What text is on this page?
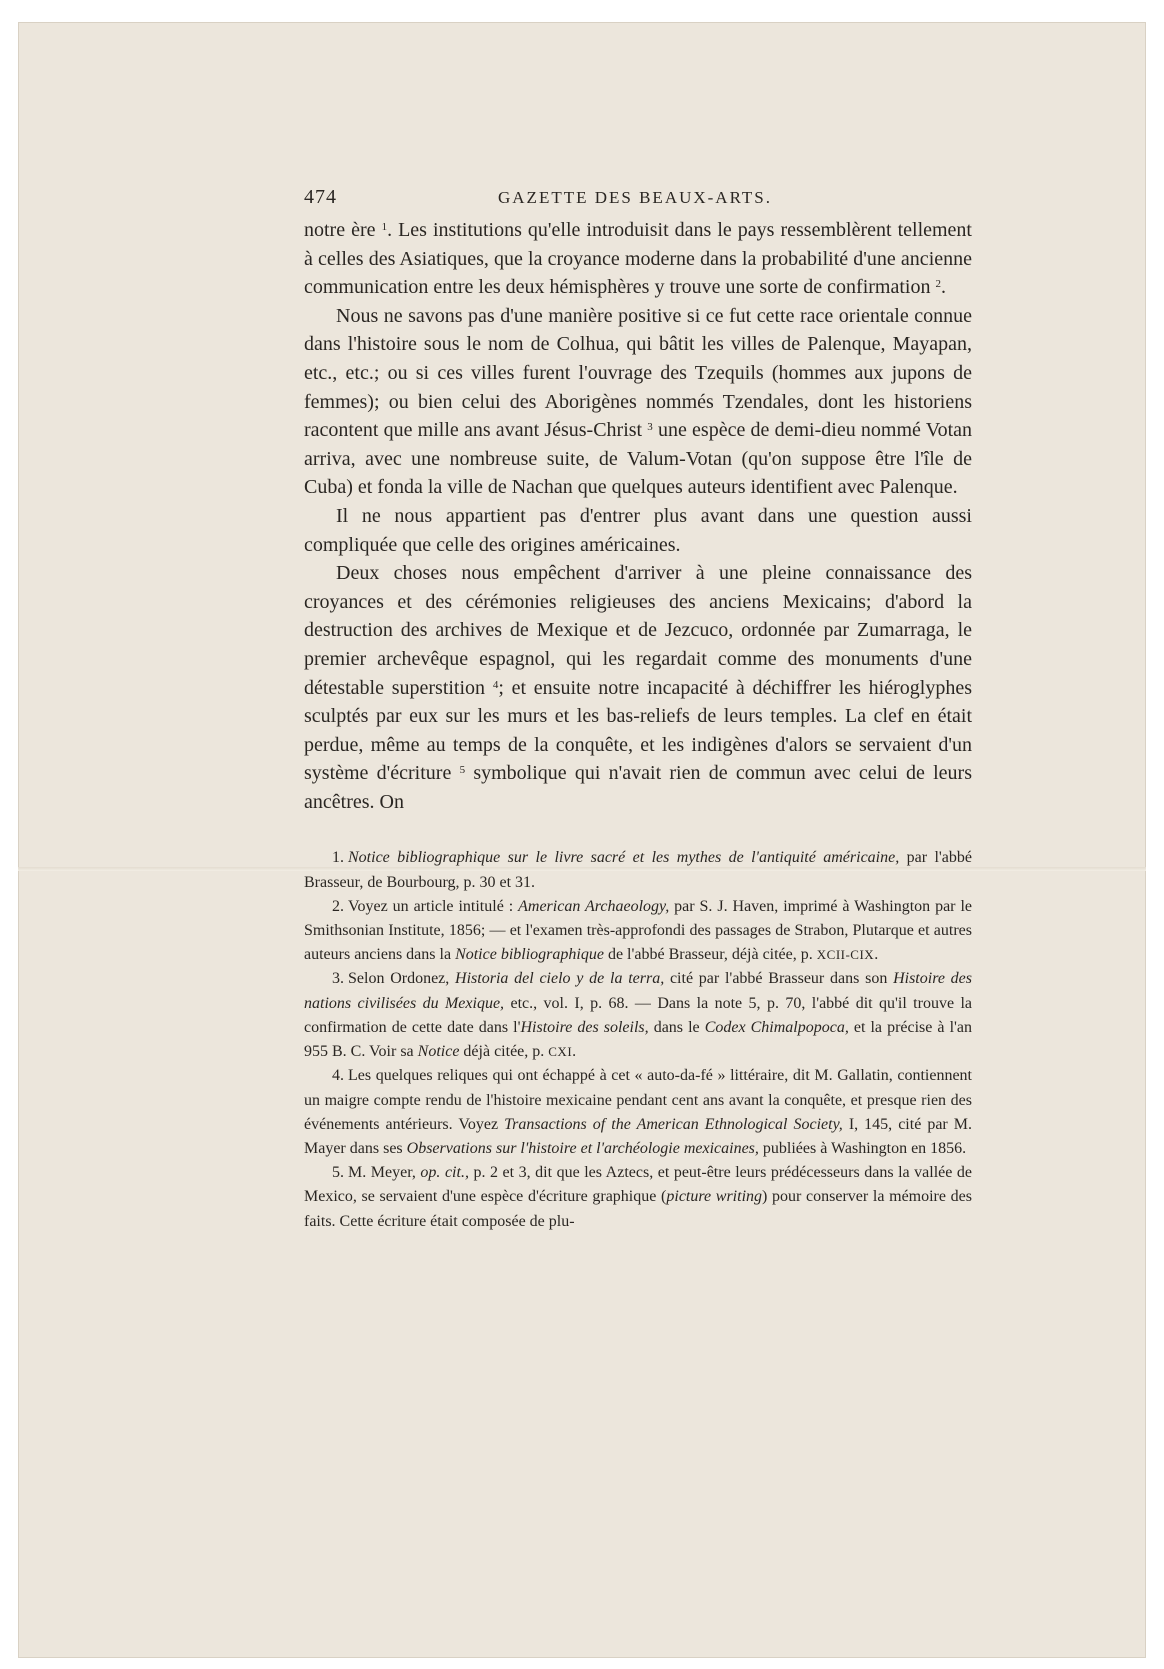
474	GAZETTE DES BEAUX-ARTS.

notre ère $^1$. Les institutions qu'elle introduisit dans le pays ressemblèrent tellement à celles des Asiatiques, que la croyance moderne dans la probabilité d'une ancienne communication entre les deux hémisphères y trouve une sorte de confirmation $^2$.

Nous ne savons pas d'une manière positive si ce fut cette race orientale connue dans l'histoire sous le nom de Colhua, qui bâtit les villes de Palenque, Mayapan, etc., etc.; ou si ces villes furent l'ouvrage des Tzequils (hommes aux jupons de femmes); ou bien celui des Aborigènes nommés Tzendales, dont les historiens racontent que mille ans avant Jésus-Christ $^3$ une espèce de demi-dieu nommé Votan arriva, avec une nombreuse suite, de Valum-Votan (qu'on suppose être l'île de Cuba) et fonda la ville de Nachan que quelques auteurs identifient avec Palenque.

Il ne nous appartient pas d'entrer plus avant dans une question aussi compliquée que celle des origines américaines.

Deux choses nous empêchent d'arriver à une pleine connaissance des croyances et des cérémonies religieuses des anciens Mexicains; d'abord la destruction des archives de Mexique et de Jezcuco, ordonnée par Zumarraga, le premier archevêque espagnol, qui les regardait comme des monuments d'une détestable superstition $^4$; et ensuite notre incapacité à déchiffrer les hiéroglyphes sculptés par eux sur les murs et les bas-reliefs de leurs temples. La clef en était perdue, même au temps de la conquête, et les indigènes d'alors se servaient d'un système d'écriture $^5$ symbolique qui n'avait rien de commun avec celui de leurs ancêtres. On

1. Notice bibliographique sur le livre sacré et les mythes de l'antiquité américaine, par l'abbé Brasseur, de Bourbourg, p. 30 et 31.

2. Voyez un article intitulé : American Archaeology, par S. J. Haven, imprimé à Washington par le Smithsonian Institute, 1856; — et l'examen très-approfondi des passages de Strabon, Plutarque et autres auteurs anciens dans la Notice bibliographique de l'abbé Brasseur, déjà citée, p. XCII-CIX.

3. Selon Ordonez, Historia del cielo y de la terra, cité par l'abbé Brasseur dans son Histoire des nations civilisées du Mexique, etc., vol. I, p. 68. — Dans la note 5, p. 70, l'abbé dit qu'il trouve la confirmation de cette date dans l'Histoire des soleils, dans le Codex Chimalpopoca, et la précise à l'an 955 B. C. Voir sa Notice déjà citée, p. CXI.

4. Les quelques reliques qui ont échappé à cet « auto-da-fé » littéraire, dit M. Gallatin, contiennent un maigre compte rendu de l'histoire mexicaine pendant cent ans avant la conquête, et presque rien des événements antérieurs. Voyez Transactions of the American Ethnological Society, I, 145, cité par M. Mayer dans ses Observations sur l'histoire et l'archéologie mexicaines, publiées à Washington en 1856.

5. M. Meyer, op. cit., p. 2 et 3, dit que les Aztecs, et peut-être leurs prédécesseurs dans la vallée de Mexico, se servaient d'une espèce d'écriture graphique (picture writing) pour conserver la mémoire des faits. Cette écriture était composée de plu-
